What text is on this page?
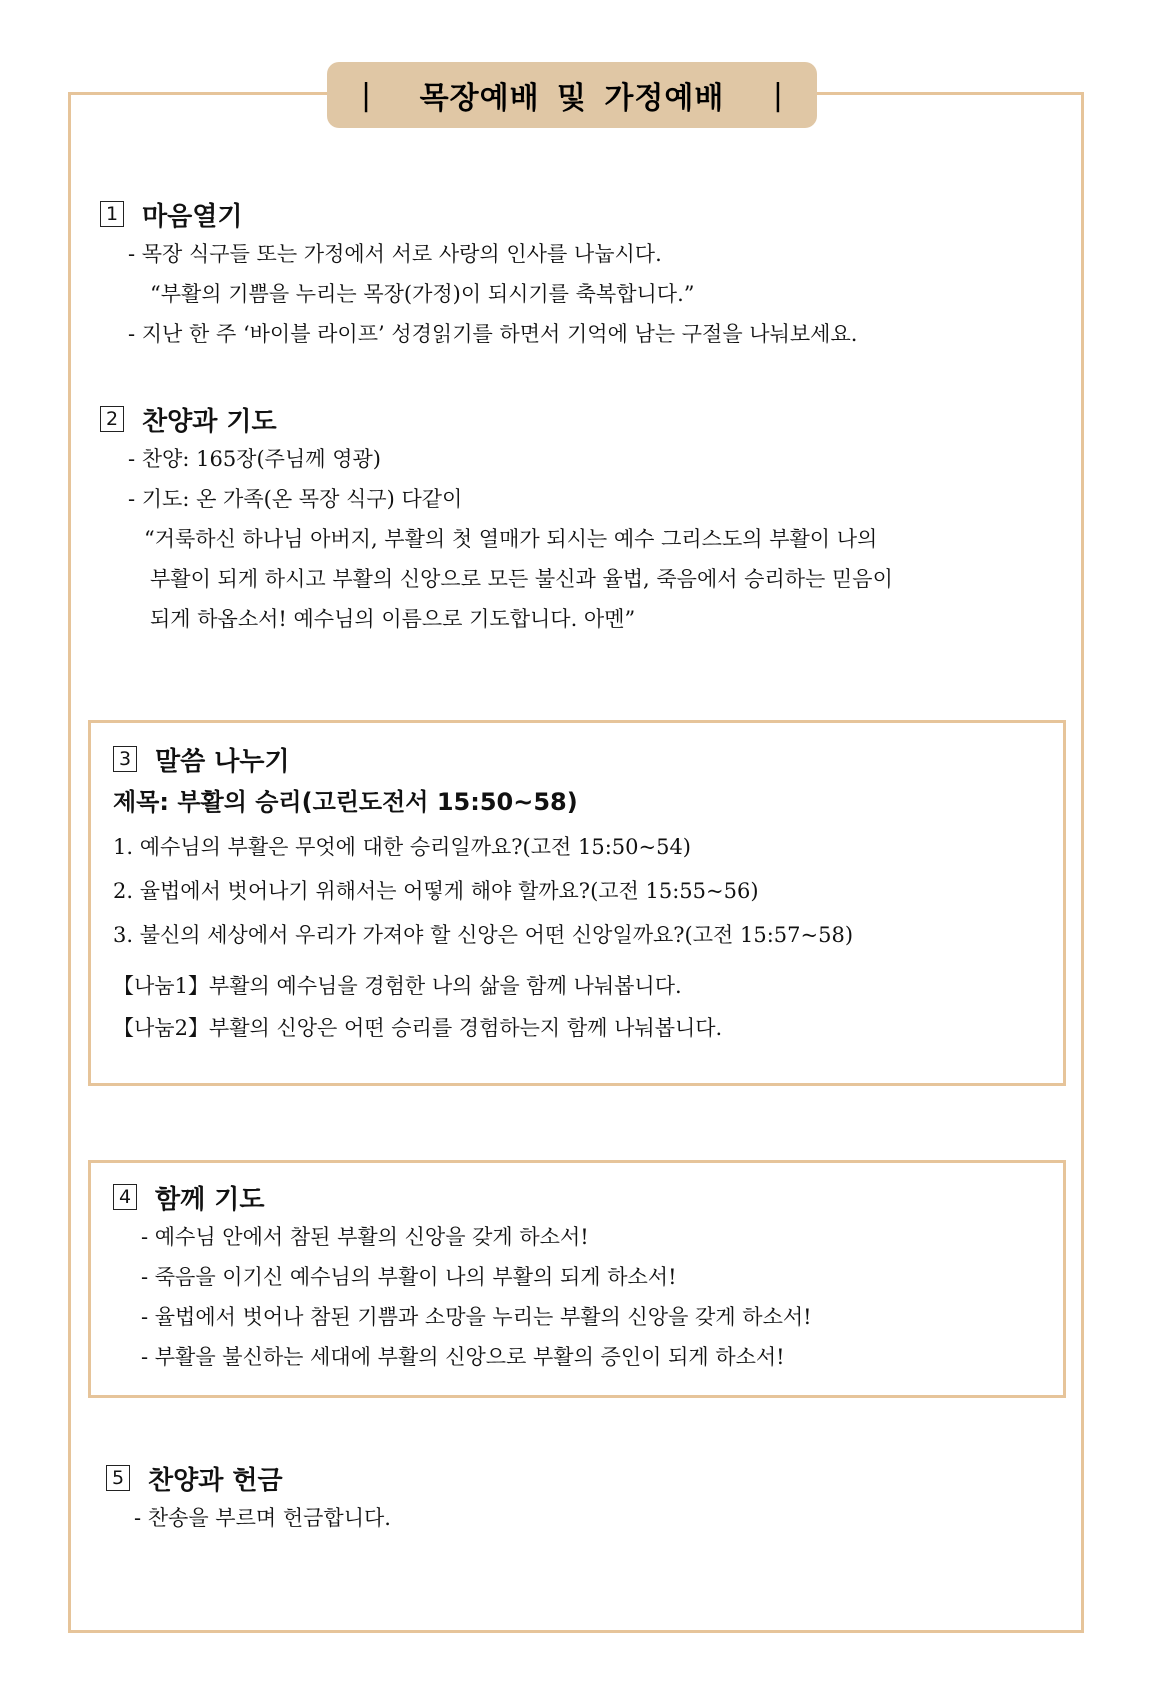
| 목장예배 및 가정예배 |
1 마음열기
- 목장 식구들 또는 가정에서 서로 사랑의 인사를 나눕시다.
“부활의 기쁨을 누리는 목장(가정)이 되시기를 축복합니다.”
- 지난 한 주 ‘바이블 라이프’ 성경읽기를 하면서 기억에 남는 구절을 나눠보세요.
2 찬양과 기도
- 찬양: 165장(주님께 영광)
- 기도: 온 가족(온 목장 식구) 다같이
“거룩하신 하나님 아버지, 부활의 첫 열매가 되시는 예수 그리스도의 부활이 나의
부활이 되게 하시고 부활의 신앙으로 모든 불신과 율법, 죽음에서 승리하는 믿음이
되게 하옵소서! 예수님의 이름으로 기도합니다. 아멘”
3 말씀 나누기
제목: 부활의 승리(고린도전서 15:50~58)
1. 예수님의 부활은 무엇에 대한 승리일까요?(고전 15:50~54)
2. 율법에서 벗어나기 위해서는 어떻게 해야 할까요?(고전 15:55~56)
3. 불신의 세상에서 우리가 가져야 할 신앙은 어떤 신앙일까요?(고전 15:57~58)
【나눔1】부활의 예수님을 경험한 나의 삶을 함께 나눠봅니다.
【나눔2】부활의 신앙은 어떤 승리를 경험하는지 함께 나눠봅니다.
4 함께 기도
- 예수님 안에서 참된 부활의 신앙을 갖게 하소서!
- 죽음을 이기신 예수님의 부활이 나의 부활의 되게 하소서!
- 율법에서 벗어나 참된 기쁨과 소망을 누리는 부활의 신앙을 갖게 하소서!
- 부활을 불신하는 세대에 부활의 신앙으로 부활의 증인이 되게 하소서!
5 찬양과 헌금
- 찬송을 부르며 헌금합니다.
